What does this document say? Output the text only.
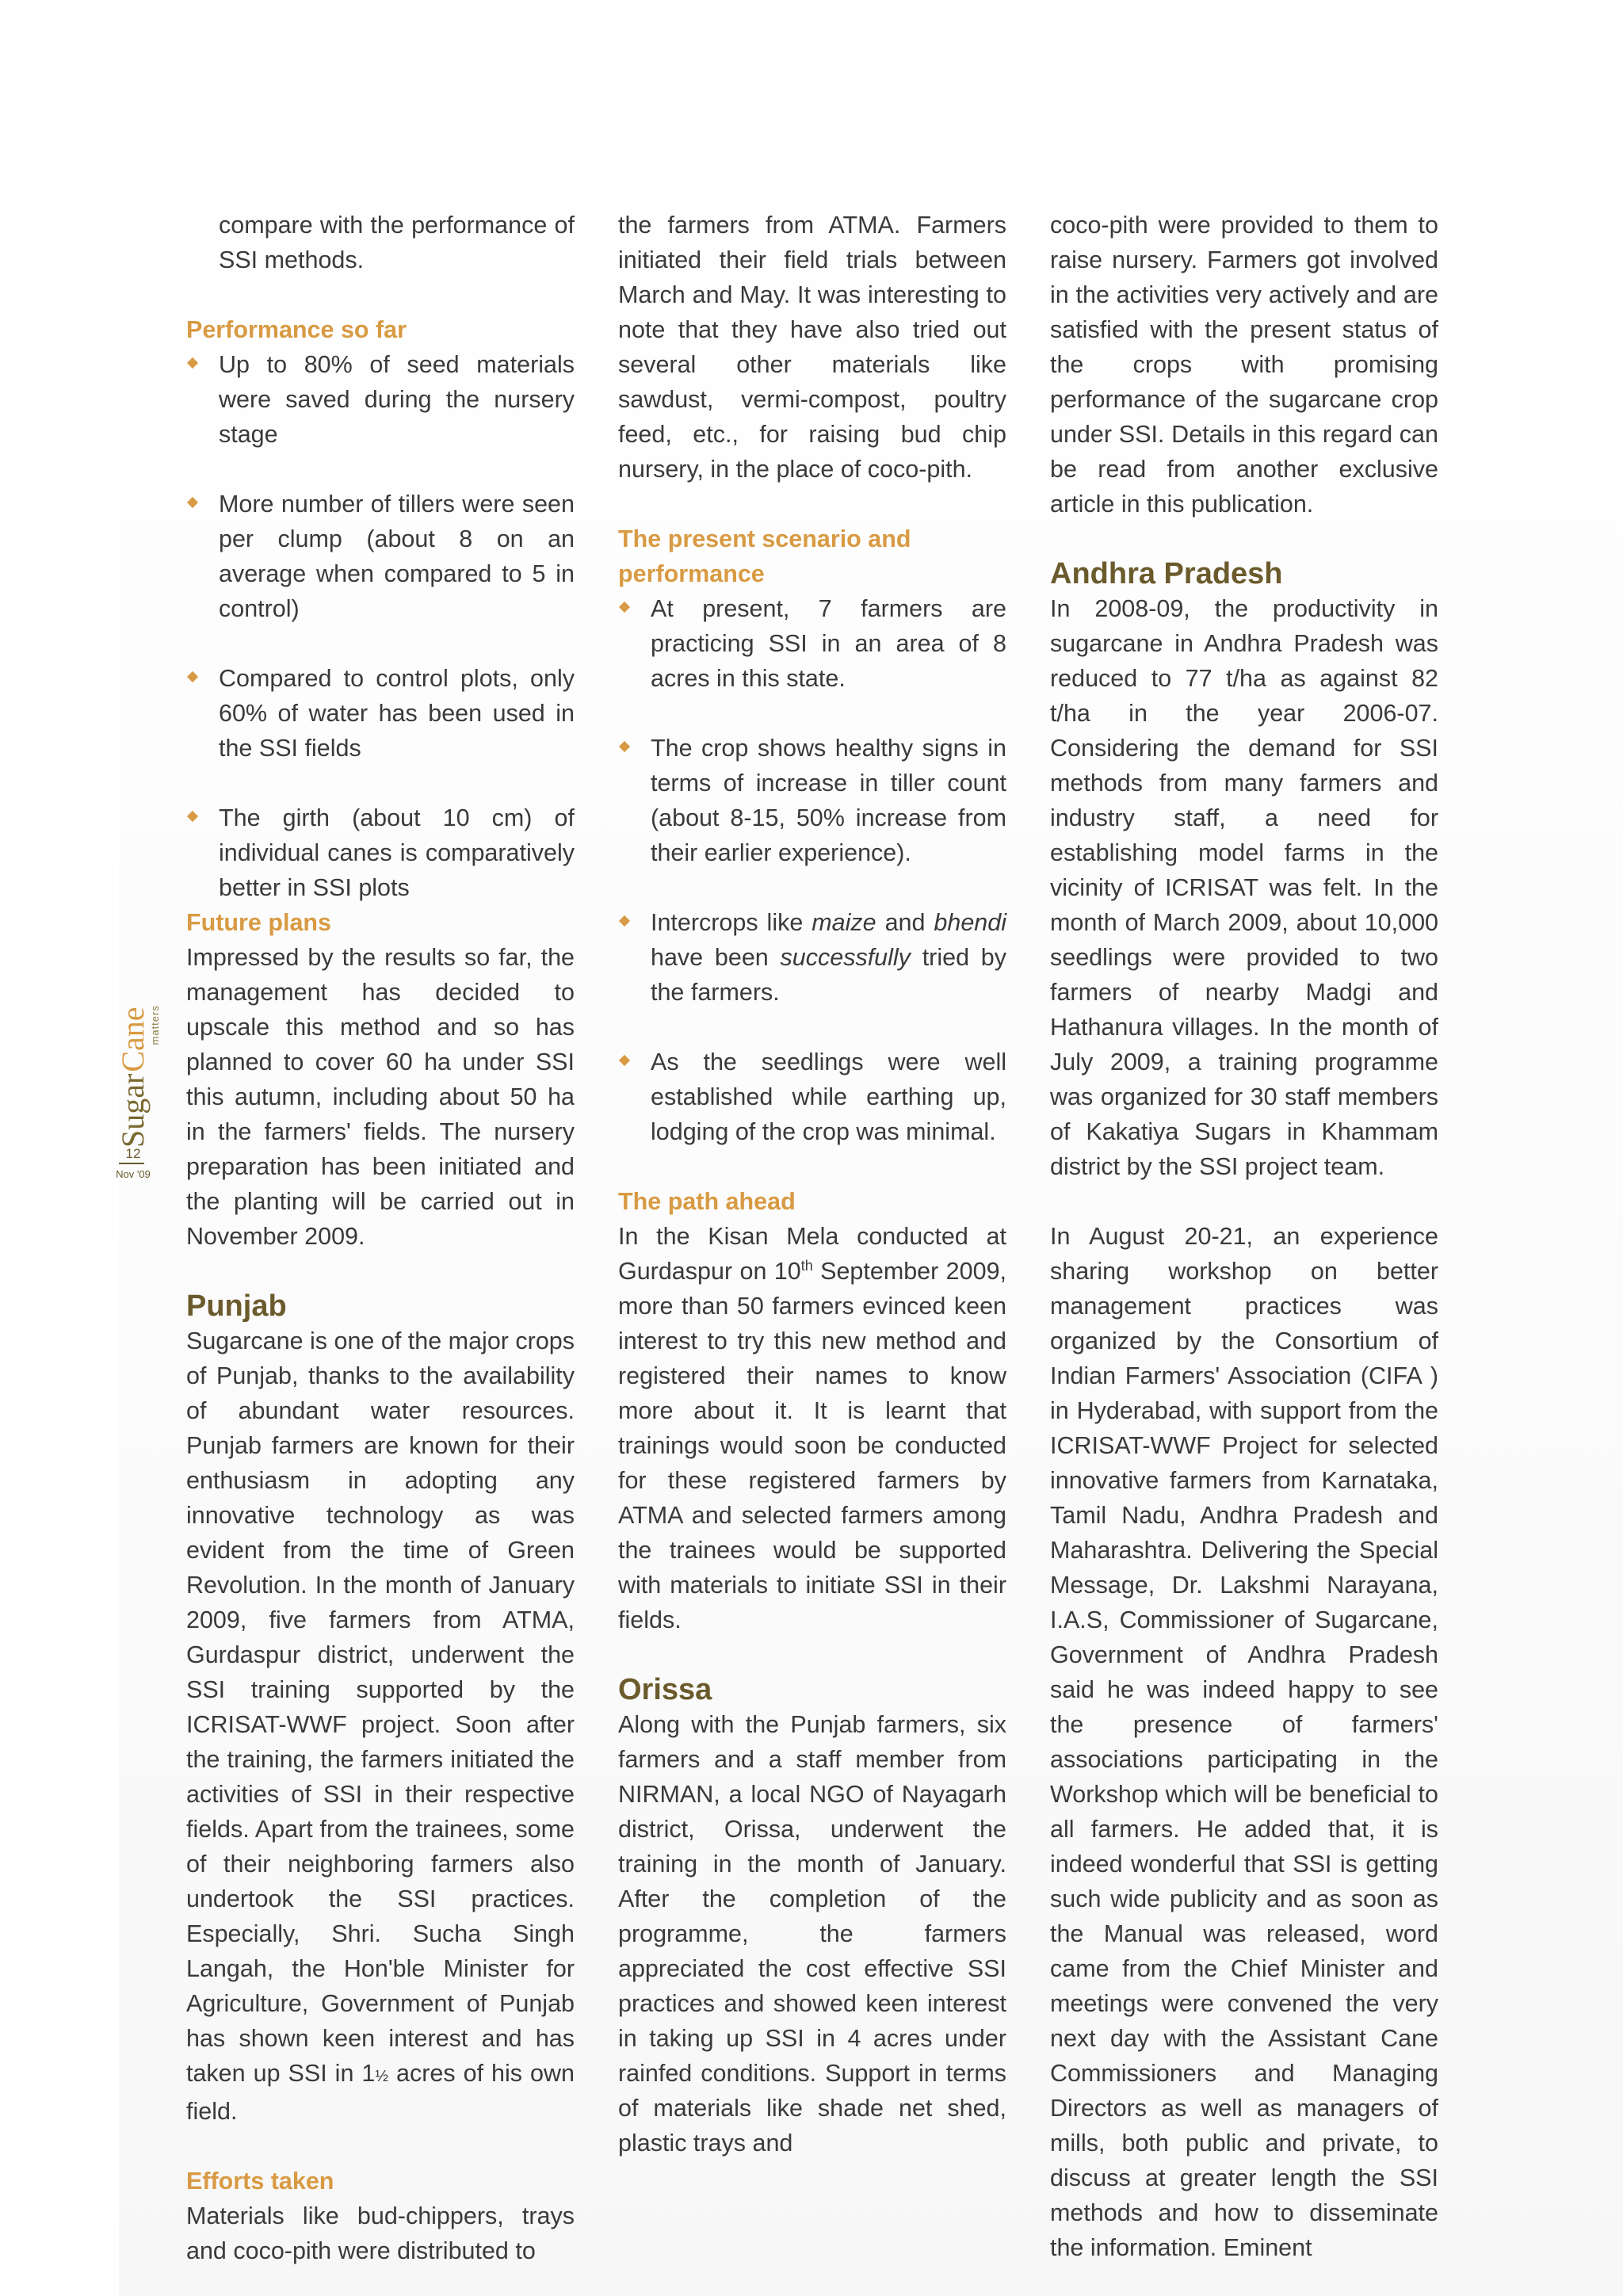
Sugar
Cane
matters
12
Nov '09

compare with the performance of SSI methods.

Performance so far
Up to 80% of seed materials were saved during the nursery stage
More number of tillers were seen per clump (about 8 on an average when compared to 5 in control)
Compared to control plots, only 60% of water has been used in the SSI fields
The girth (about 10 cm) of individual canes is comparatively better in SSI plots
Future plans

Impressed by the results so far, the management has decided to upscale this method and so has planned to cover 60 ha under SSI this autumn, including about 50 ha in the farmers' fields. The nursery preparation has been initiated and the planting will be carried out in November 2009.

Punjab

Sugarcane is one of the major crops of Punjab, thanks to the availability of abundant water resources. Punjab farmers are known for their enthusiasm in adopting any innovative technology as was evident from the time of Green Revolution. In the month of January 2009, five farmers from ATMA, Gurdaspur district, underwent the SSI training supported by the ICRISAT-WWF project. Soon after the training, the farmers initiated the activities of SSI in their respective fields. Apart from the trainees, some of their neighboring farmers also undertook the SSI practices. Especially, Shri. Sucha Singh Langah, the Hon'ble Minister for Agriculture, Government of Punjab has shown keen interest and has taken up SSI in 1½ acres of his own field.

Efforts taken

Materials like bud-chippers, trays and coco-pith were distributed to

the farmers from ATMA. Farmers initiated their field trials between March and May. It was interesting to note that they have also tried out several other materials like sawdust, vermi-compost, poultry feed, etc., for raising bud chip nursery, in the place of coco-pith.

The present scenario and performance
At present, 7 farmers are practicing SSI in an area of 8 acres in this state.
The crop shows healthy signs in terms of increase in tiller count (about 8-15, 50% increase from their earlier experience).
Intercrops like maize and bhendi have been successfully tried by the farmers.
As the seedlings were well established while earthing up, lodging of the crop was minimal.
The path ahead

In the Kisan Mela conducted at Gurdaspur on 10th September 2009, more than 50 farmers evinced keen interest to try this new method and registered their names to know more about it. It is learnt that trainings would soon be conducted for these registered farmers by ATMA and selected farmers among the trainees would be supported with materials to initiate SSI in their fields.

Orissa

Along with the Punjab farmers, six farmers and a staff member from NIRMAN, a local NGO of Nayagarh district, Orissa, underwent the training in the month of January. After the completion of the programme, the farmers appreciated the cost effective SSI practices and showed keen interest in taking up SSI in 4 acres under rainfed conditions. Support in terms of materials like shade net shed, plastic trays and

coco-pith were provided to them to raise nursery. Farmers got involved in the activities very actively and are satisfied with the present status of the crops with promising performance of the sugarcane crop under SSI. Details in this regard can be read from another exclusive article in this publication.

Andhra Pradesh

In 2008-09, the productivity in sugarcane in Andhra Pradesh was reduced to 77 t/ha as against 82 t/ha in the year 2006-07. Considering the demand for SSI methods from many farmers and industry staff, a need for establishing model farms in the vicinity of ICRISAT was felt. In the month of March 2009, about 10,000 seedlings were provided to two farmers of nearby Madgi and Hathanura villages. In the month of July 2009, a training programme was organized for 30 staff members of Kakatiya Sugars in Khammam district by the SSI project team.

In August 20-21, an experience sharing workshop on better management practices was organized by the Consortium of Indian Farmers' Association (CIFA ) in Hyderabad, with support from the ICRISAT-WWF Project for selected innovative farmers from Karnataka, Tamil Nadu, Andhra Pradesh and Maharashtra. Delivering the Special Message, Dr. Lakshmi Narayana, I.A.S, Commissioner of Sugarcane, Government of Andhra Pradesh said he was indeed happy to see the presence of farmers' associations participating in the Workshop which will be beneficial to all farmers. He added that, it is indeed wonderful that SSI is getting such wide publicity and as soon as the Manual was released, word came from the Chief Minister and meetings were convened the very next day with the Assistant Cane Commissioners and Managing Directors as well as managers of mills, both public and private, to discuss at greater length the SSI methods and how to disseminate the information. Eminent
